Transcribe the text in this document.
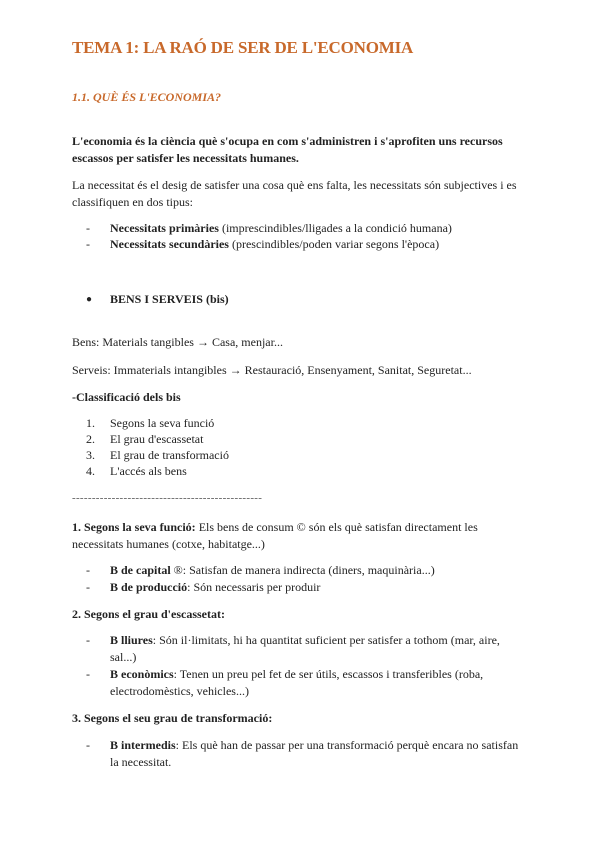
TEMA 1: LA RAÓ DE SER DE L'ECONOMIA
1.1. QUÈ ÉS L'ECONOMIA?
L'economia és la ciència què s'ocupa en com s'administren i s'aprofiten uns recursos escassos per satisfer les necessitats humanes.
La necessitat és el desig de satisfer una cosa què ens falta, les necessitats són subjectives i es classifiquen en dos tipus:
-	Necessitats primàries (imprescindibles/lligades a la condició humana)
-	Necessitats secundàries (prescindibles/poden variar segons l'època)
●	BENS I SERVEIS (bis)
Bens: Materials tangibles → Casa, menjar...
Serveis: Immaterials intangibles → Restauració, Ensenyament, Sanitat, Seguretat...
-Classificació dels bis
1.	Segons la seva funció
2.	El grau d'escassetat
3.	El grau de transformació
4.	L'accés als bens
------------------------------------------------
1. Segons la seva funció: Els bens de consum © són els què satisfan directament les necessitats humanes (cotxe, habitatge...)
-	B de capital ®: Satisfan de manera indirecta (diners, maquinària...)
-	B de producció: Són necessaris per produir
2. Segons el grau d'escassetat:
-	B lliures: Són il·limitats, hi ha quantitat suficient per satisfer a tothom (mar, aire, sal...)
-	B econòmics: Tenen un preu pel fet de ser útils, escassos i transferibles (roba, electrodomèstics, vehicles...)
3. Segons el seu grau de transformació:
-	B intermedis: Els què han de passar per una transformació perquè encara no satisfan la necessitat.
